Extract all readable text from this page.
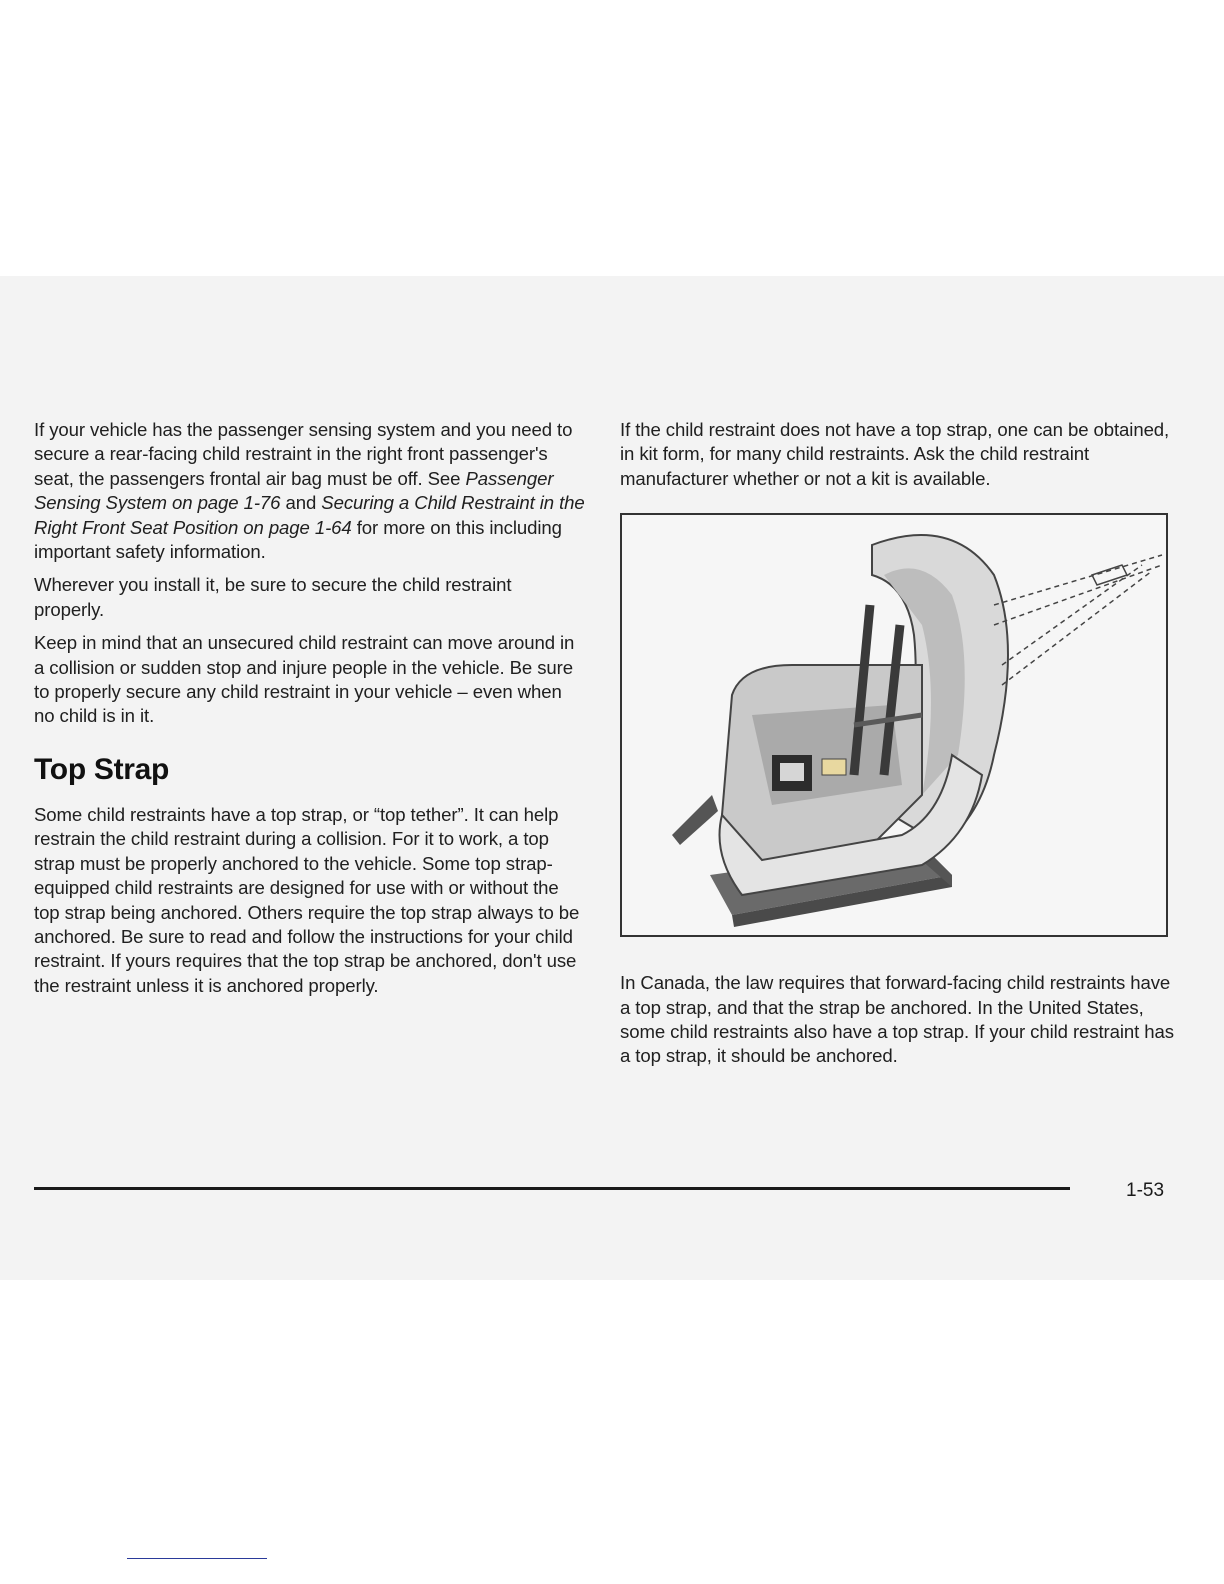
If your vehicle has the passenger sensing system and you need to secure a rear-facing child restraint in the right front passenger's seat, the passengers frontal air bag must be off. See Passenger Sensing System on page 1-76 and Securing a Child Restraint in the Right Front Seat Position on page 1-64 for more on this including important safety information.

Wherever you install it, be sure to secure the child restraint properly.

Keep in mind that an unsecured child restraint can move around in a collision or sudden stop and injure people in the vehicle. Be sure to properly secure any child restraint in your vehicle – even when no child is in it.

Top Strap

Some child restraints have a top strap, or “top tether”. It can help restrain the child restraint during a collision. For it to work, a top strap must be properly anchored to the vehicle. Some top strap-equipped child restraints are designed for use with or without the top strap being anchored. Others require the top strap always to be anchored. Be sure to read and follow the instructions for your child restraint. If yours requires that the top strap be anchored, don't use the restraint unless it is anchored properly.

If the child restraint does not have a top strap, one can be obtained, in kit form, for many child restraints. Ask the child restraint manufacturer whether or not a kit is available.

In Canada, the law requires that forward-facing child restraints have a top strap, and that the strap be anchored. In the United States, some child restraints also have a top strap. If your child restraint has a top strap, it should be anchored.

1-53
